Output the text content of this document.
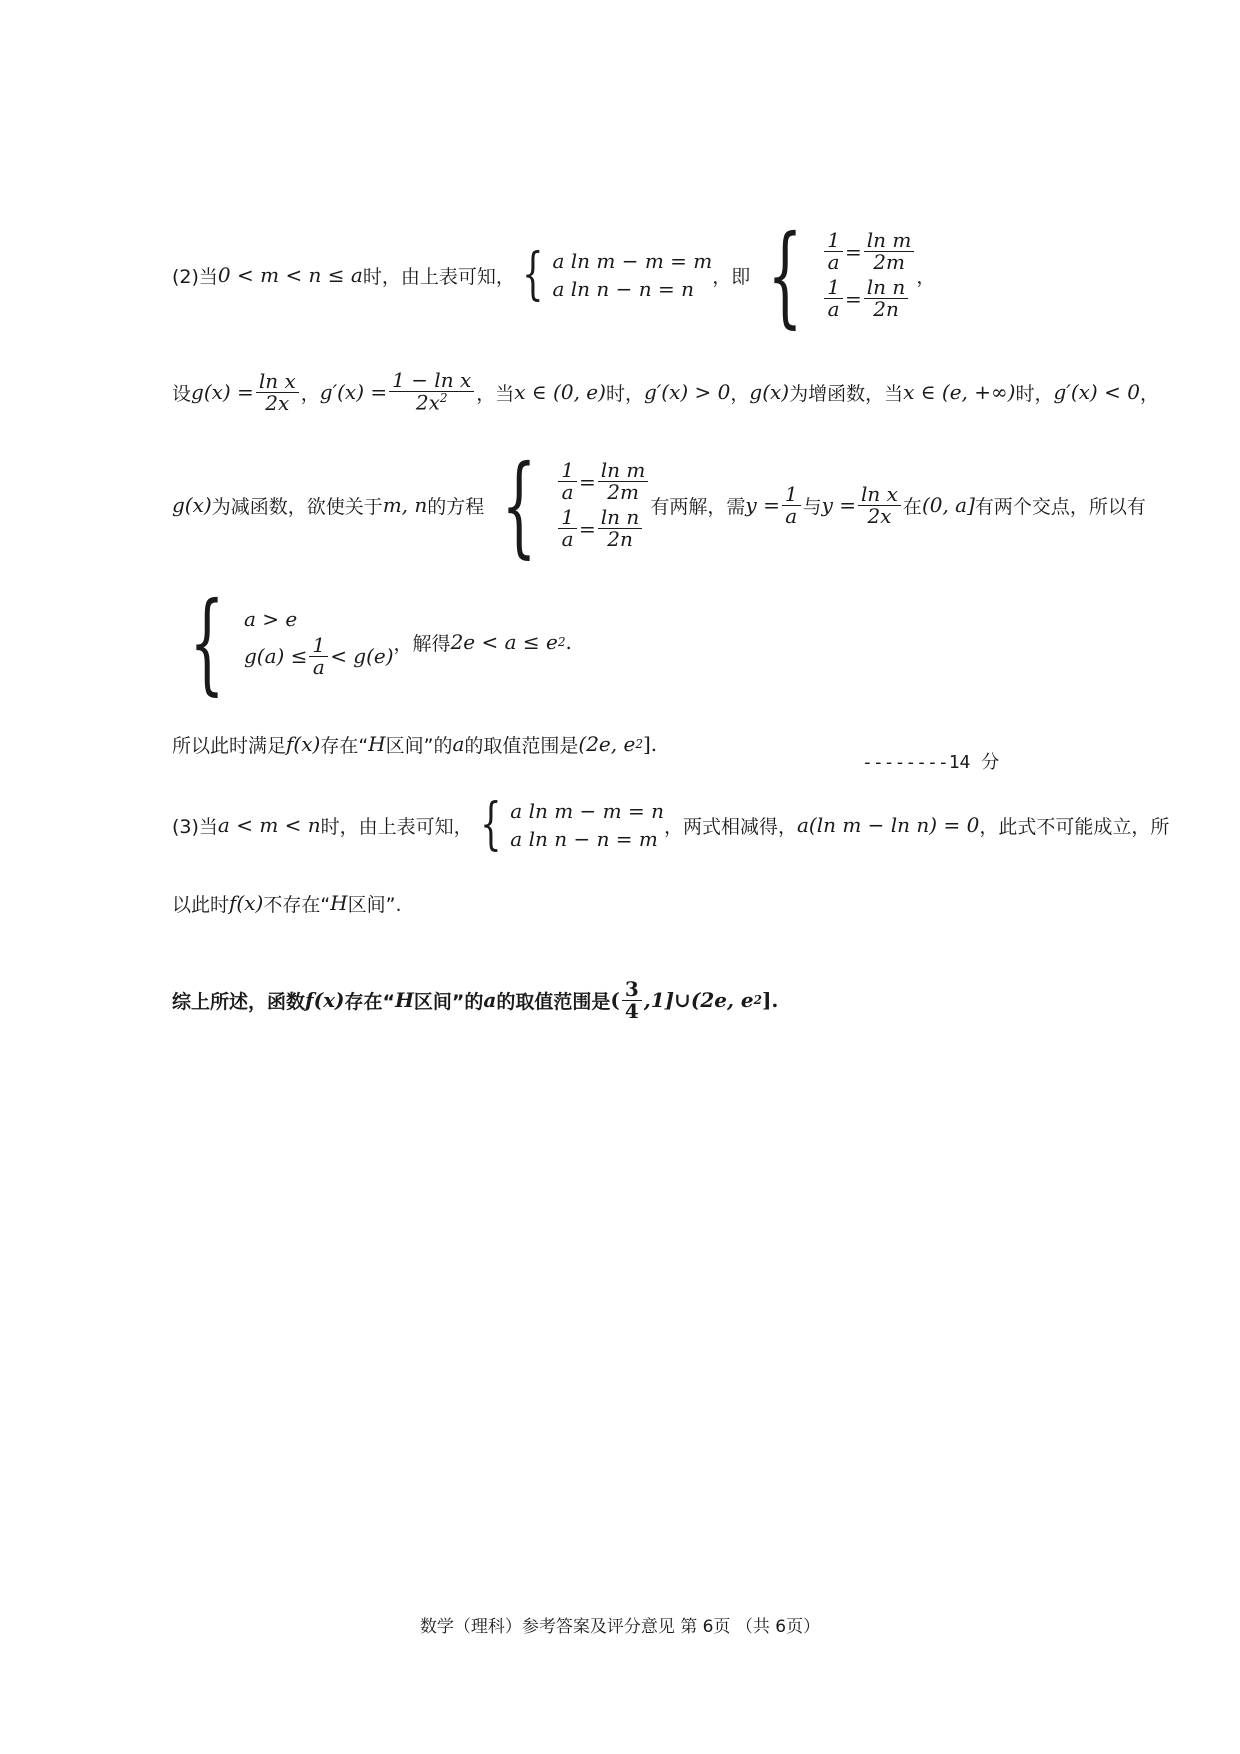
(2)当 0 < m < n ≤ a 时，由上表可知， { a ln m − m = m
a ln n − n = n
，即 { $\frac{1}{a} = \frac{\text{ln m}}{2m}$
$\frac{1}{a} = \frac{\text{ln n}}{2n}$
，
设 $g(x) = \frac{\text{ln x}}{2x}$ ， $g'(x) = \frac{\text{1 − ln x}}{2x^2}$ ，当 x ∈ (0, e) 时， g′(x) > 0 ， g(x) 为增函数，当 x ∈ (e, +∞) 时， g′(x) < 0 ，
g(x) 为减函数，欲使关于 m, n 的方程 { $\frac{1}{a} = \frac{\text{ln m}}{2m}$
$\frac{1}{a} = \frac{\text{ln n}}{2n}$
有两解，需 $y = \frac{1}{a}$ 与 $y = \frac{\text{ln x}}{2x}$ 在 (0, a] 有两个交点，所以有
{ a > e
$g(a) \le \frac{1}{a} < g(e)$
，解得 2e < a ≤ e 2 .
所以此时满足 f(x) 存在“ H 区间”的 a 的取值范围是 (2e, e 2 ] .
--------14 分
(3)当 a < m < n 时，由上表可知， { a ln m − m = n
a ln n − n = m
，两式相减得， a(ln m − ln n) = 0 ，此式不可能成立，所
以此时 f(x) 不存在“ H 区间”.
综上所述，函数 f(x) 存在“ H 区间”的 a 的取值范围是 ( $\frac{3}{4}$ ,1]∪(2e, e 2 ].
数学（理科）参考答案及评分意见 第 6页 （共 6页）
